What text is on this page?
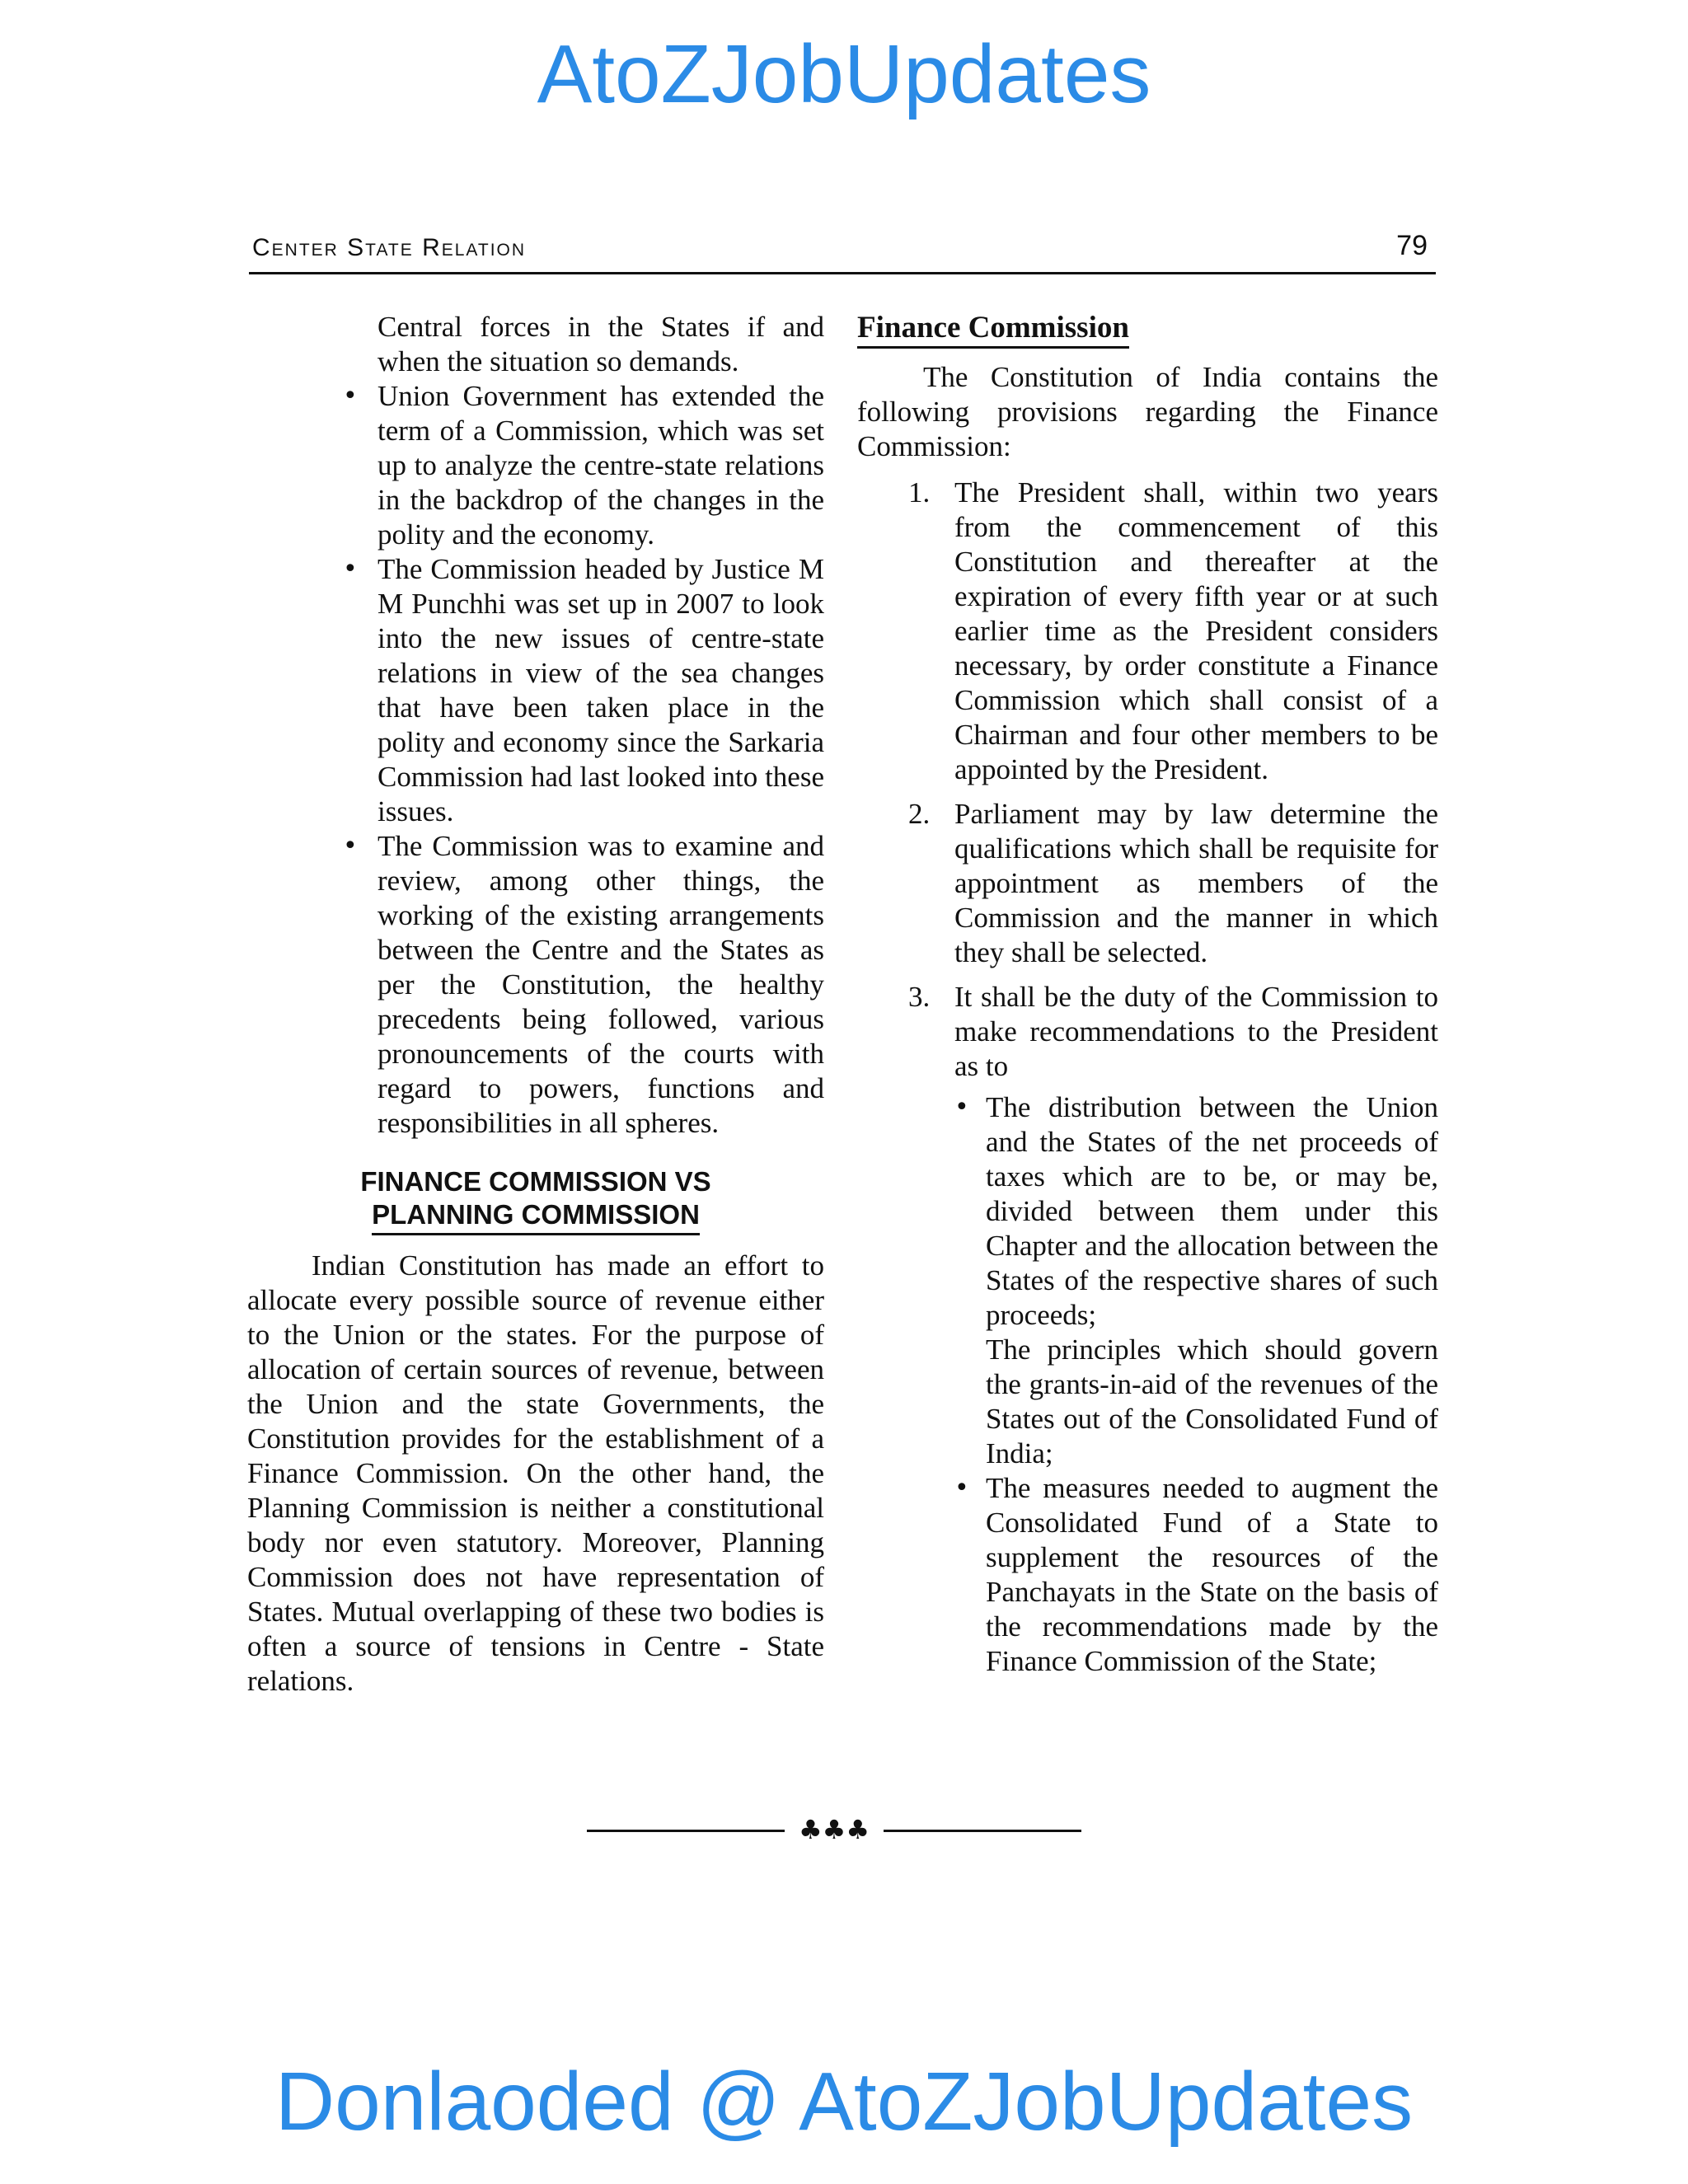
AtoZJobUpdates
Center State Relation	79

Central forces in the States if and when the situation so demands.

• Union Government has extended the term of a Commission, which was set up to analyze the centre-state relations in the backdrop of the changes in the polity and the economy.
• The Commission headed by Justice M M Punchhi was set up in 2007 to look into the new issues of centre-state relations in view of the sea changes that have been taken place in the polity and economy since the Sarkaria Commission had last looked into these issues.
• The Commission was to examine and review, among other things, the working of the existing arrangements between the Centre and the States as per the Constitution, the healthy precedents being followed, various pronouncements of the courts with regard to powers, functions and responsibilities in all spheres.
FINANCE COMMISSION VS
PLANNING COMMISSION

Indian Constitution has made an effort to allocate every possible source of revenue either to the Union or the states. For the purpose of allocation of certain sources of revenue, between the Union and the state Governments, the Constitution provides for the establishment of a Finance Commission. On the other hand, the Planning Commission is neither a constitutional body nor even statutory. Moreover, Planning Commission does not have representation of States. Mutual overlapping of these two bodies is often a source of tensions in Centre - State relations.

Finance Commission

The Constitution of India contains the following provisions regarding the Finance Commission:

1. The President shall, within two years from the commencement of this Constitution and thereafter at the expiration of every fifth year or at such earlier time as the President considers necessary, by order constitute a Finance Commission which shall consist of a Chairman and four other members to be appointed by the President.
2. Parliament may by law determine the qualifications which shall be requisite for appointment as members of the Commission and the manner in which they shall be selected.
3. It shall be the duty of the Commission to make recommendations to the President as to
• The distribution between the Union and the States of the net proceeds of taxes which are to be, or may be, divided between them under this Chapter and the allocation between the States of the respective shares of such proceeds;
The principles which should govern the grants-in-aid of the revenues of the States out of the Consolidated Fund of India;
• The measures needed to augment the Consolidated Fund of a State to supplement the resources of the Panchayats in the State on the basis of the recommendations made by the Finance Commission of the State;
♣♣♣
Donlaoded @ AtoZJobUpdates
